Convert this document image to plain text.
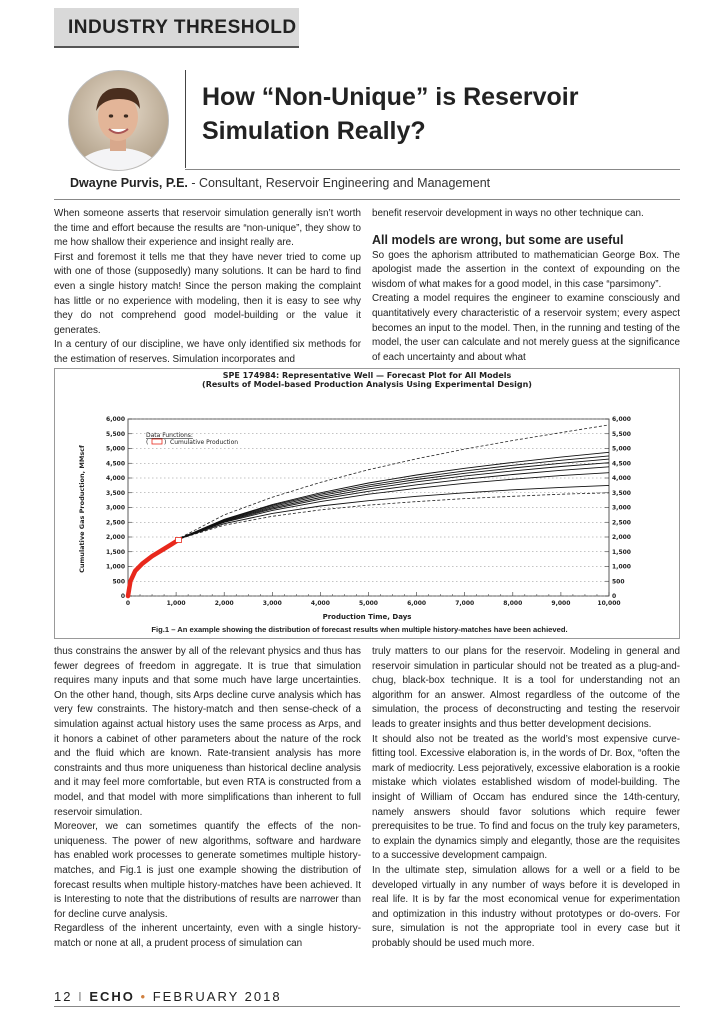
INDUSTRY THRESHOLD
How “Non-Unique” is Reservoir Simulation Really?
Dwayne Purvis, P.E. - Consultant, Reservoir Engineering and Management

When someone asserts that reservoir simulation generally isn’t worth the time and effort because the results are “non-unique”, they show to me how shallow their experience and insight really are.

First and foremost it tells me that they have never tried to come up with one of those (supposedly) many solutions. It can be hard to find even a single history match! Since the person making the complaint has little or no experience with modeling, then it is easy to see why they do not comprehend good model-building or the value it generates.

In a century of our discipline, we have only identified six methods for the estimation of reserves. Simulation incorporates and

benefit reservoir development in ways no other technique can.

All models are wrong, but some are useful

So goes the aphorism attributed to mathematician George Box. The apologist made the assertion in the context of expounding on the wisdom of what makes for a good model, in this case “parsimony”.

Creating a model requires the engineer to examine consciously and quantitatively every characteristic of a reservoir system; every aspect becomes an input to the model. Then, in the running and testing of the model, the user can calculate and not merely guess at the significance of each uncertainty and about what

SPE 174984: Representative Well — Forecast Plot for All Models
(Results of Model-based Production Analysis Using Experimental Design)
0	0
500	500
1,000	1,000
1,500	1,500
2,000	2,000
2,500	2,500
3,000	3,000
3,500	3,500
4,000	4,000
4,500	4,500
5,000	5,000
5,500	5,500
6,000	6,000
0	1,000	2,000	3,000	4,000	5,000	6,000	7,000	8,000	9,000	10,000
Production Time, Days
Cumulative Gas Production, MMscf
Data Functions:
(	) Cumulative Production
Fig.1 – An example showing the distribution of forecast results when multiple history-matches have been achieved.

thus constrains the answer by all of the relevant physics and thus has fewer degrees of freedom in aggregate. It is true that simulation requires many inputs and that some much have large uncertainties. On the other hand, though, sits Arps decline curve analysis which has very few constraints. The history-match and then sense-check of a simulation against actual history uses the same process as Arps, and it honors a cabinet of other parameters about the nature of the rock and the fluid which are known. Rate-transient analysis has more constraints and thus more uniqueness than historical decline analysis and it may feel more comfortable, but even RTA is constructed from a model, and that model with more simplifications than inherent to full reservoir simulation.

Moreover, we can sometimes quantify the effects of the non-uniqueness. The power of new algorithms, software and hardware has enabled work processes to generate sometimes multiple history-matches, and Fig.1 is just one example showing the distribution of forecast results when multiple history-matches have been achieved. It is Interesting to note that the distributions of results are narrower than for decline curve analysis.

Regardless of the inherent uncertainty, even with a single history-match or none at all, a prudent process of simulation can

truly matters to our plans for the reservoir. Modeling in general and reservoir simulation in particular should not be treated as a plug-and-chug, black-box technique. It is a tool for understanding not an algorithm for an answer. Almost regardless of the outcome of the simulation, the process of deconstructing and testing the reservoir leads to greater insights and thus better development decisions.

It should also not be treated as the world’s most expensive curve-fitting tool. Excessive elaboration is, in the words of Dr. Box, “often the mark of mediocrity. Less pejoratively, excessive elaboration is a rookie mistake which violates established wisdom of model-building. The insight of William of Occam has endured since the 14th-century, namely answers should favor solutions which require fewer prerequisites to be true. To find and focus on the truly key parameters, to explain the dynamics simply and elegantly, those are the requisites to a successive development campaign.

In the ultimate step, simulation allows for a well or a field to be developed virtually in any number of ways before it is developed in real life. It is by far the most economical venue for experimentation and optimization in this industry without prototypes or do-overs. For sure, simulation is not the appropriate tool in every case but it probably should be used much more.

12 I ECHO • FEBRUARY 2018
